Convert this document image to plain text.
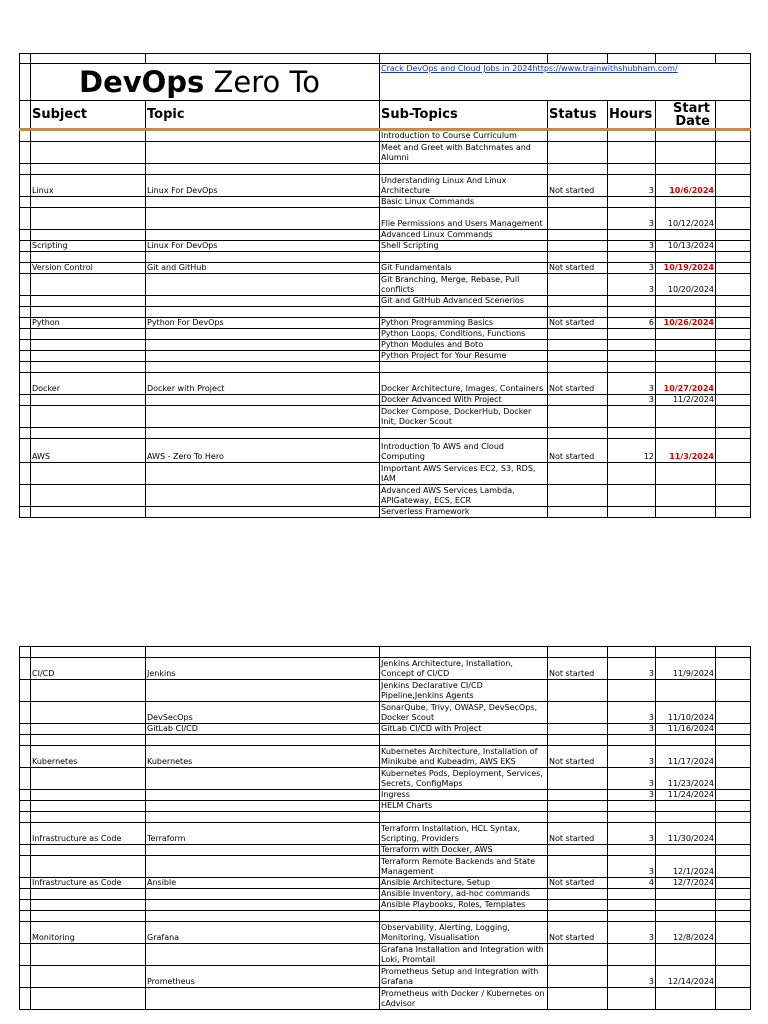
	DevOps Zero To		Crack DevOps and Cloud Jobs in 2024https://www.trainwithshubham.com/				
	Subject	Topic	Sub-Topics	Status	Hours	Start
Date	

			Introduction to Course Curriculum				
			Meet and Greet with Batchmates and Alumni				

	Linux	Linux For DevOps	Understanding Linux And Linux Architecture	Not started	3	10/6/2024	
			Basic Linux Commands				
			Flie Permissions and Users Management		3	10/12/2024	
			Advanced Linux Commands				
	Scripting	Linux For DevOps	Shell Scripting		3	10/13/2024	

	Version Control	Git and GitHub	Git Fundamentals	Not started	3	10/19/2024	
			Git Branching, Merge, Rebase, Pull conflicts		3	10/20/2024	
			Git and GitHub Advanced Scenerios				

	Python	Python For DevOps	Python Programming Basics	Not started	6	10/26/2024	
			Python Loops, Conditions, Functions				
			Python Modules and Boto				
			Python Project for Your Resume				

	Docker	Docker with Project	Docker Architecture, Images, Containers	Not started	3	10/27/2024	
			Docker Advanced With Project		3	11/2/2024	
			Docker Compose, DockerHub, Docker Init, Docker Scout				

	AWS	AWS - Zero To Hero	Introduction To AWS and Cloud Computing	Not started	12	11/3/2024	
			Important AWS Services EC2, S3, RDS, IAM				
			Advanced AWS Services Lambda, APIGateway, ECS, ECR				
			Serverless Framework				

	CI/CD	Jenkins	Jenkins Architecture, Installation, Concept of CI/CD	Not started	3	11/9/2024	
			Jenkins Declarative CI/CD Pipeline,Jenkins Agents				
		DevSecOps	SonarQube, Trivy, OWASP, DevSecOps, Docker Scout		3	11/10/2024	
		GitLab CI/CD	GitLab CI/CD with Project		3	11/16/2024	

	Kubernetes	Kubernetes	Kubernetes Architecture, Installation of Minikube and Kubeadm, AWS EKS	Not started	3	11/17/2024	
			Kubernetes Pods, Deployment, Services, Secrets, ConfigMaps		3	11/23/2024	
			Ingress		3	11/24/2024	
			HELM Charts				

	Infrastructure as Code	Terraform	Terraform Installation, HCL Syntax, Scripting, Providers	Not started	3	11/30/2024	
			Terraform with Docker, AWS				
			Terraform Remote Backends and State Management		3	12/1/2024	
	Infrastructure as Code	Ansible	Ansible Architecture, Setup	Not started	4	12/7/2024	
			Ansible Inventory, ad-hoc commands				
			Ansible Playbooks, Roles, Templates				

	Monitoring	Grafana	Observability, Alerting, Logging, Monitoring, Visualisation	Not started	3	12/8/2024	
			Grafana Installation and Integration with Loki, Promtail				
		Prometheus	Prometheus Setup and Integration with Grafana		3	12/14/2024	
			Prometheus with Docker / Kubernetes on cAdvisor				
